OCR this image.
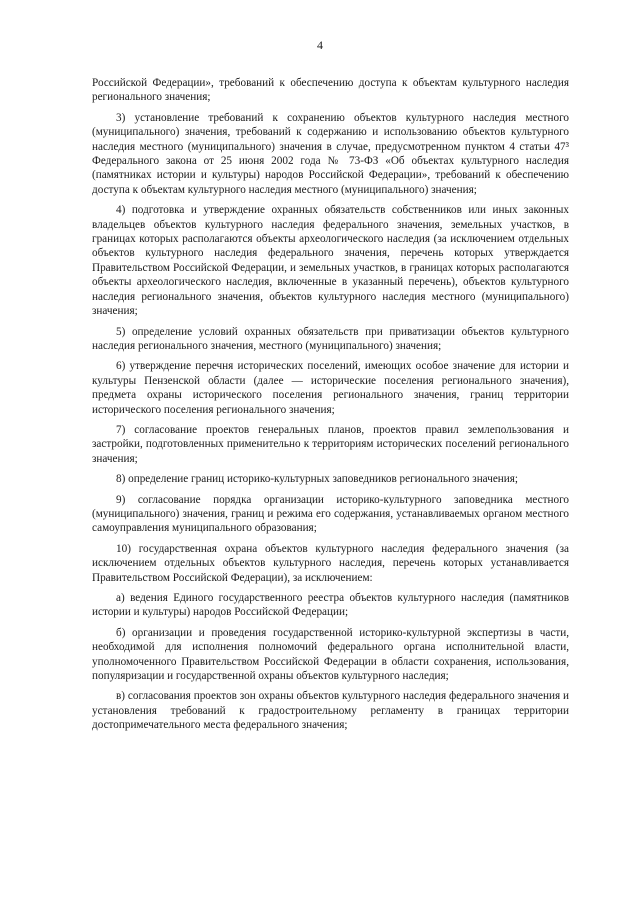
4

Российской Федерации», требований к обеспечению доступа к объектам культурного наследия регионального значения;

3) установление требований к сохранению объектов культурного наследия местного (муниципального) значения, требований к содержанию и использованию объектов культурного наследия местного (муниципального) значения в случае, предусмотренном пунктом 4 статьи 47³ Федерального закона от 25 июня 2002 года № 73-ФЗ «Об объектах культурного наследия (памятниках истории и культуры) народов Российской Федерации», требований к обеспечению доступа к объектам культурного наследия местного (муниципального) значения;

4) подготовка и утверждение охранных обязательств собственников или иных законных владельцев объектов культурного наследия федерального значения, земельных участков, в границах которых располагаются объекты археологического наследия (за исключением отдельных объектов культурного наследия федерального значения, перечень которых утверждается Правительством Российской Федерации, и земельных участков, в границах которых располагаются объекты археологического наследия, включенные в указанный перечень), объектов культурного наследия регионального значения, объектов культурного наследия местного (муниципального) значения;

5) определение условий охранных обязательств при приватизации объектов культурного наследия регионального значения, местного (муниципального) значения;

6) утверждение перечня исторических поселений, имеющих особое значение для истории и культуры Пензенской области (далее — исторические поселения регионального значения), предмета охраны исторического поселения регионального значения, границ территории исторического поселения регионального значения;

7) согласование проектов генеральных планов, проектов правил землепользования и застройки, подготовленных применительно к территориям исторических поселений регионального значения;

8) определение границ историко-культурных заповедников регионального значения;

9) согласование порядка организации историко-культурного заповедника местного (муниципального) значения, границ и режима его содержания, устанавливаемых органом местного самоуправления муниципального образования;

10) государственная охрана объектов культурного наследия федерального значения (за исключением отдельных объектов культурного наследия, перечень которых устанавливается Правительством Российской Федерации), за исключением:

а) ведения Единого государственного реестра объектов культурного наследия (памятников истории и культуры) народов Российской Федерации;

б) организации и проведения государственной историко-культурной экспертизы в части, необходимой для исполнения полномочий федерального органа исполнительной власти, уполномоченного Правительством Российской Федерации в области сохранения, использования, популяризации и государственной охраны объектов культурного наследия;

в) согласования проектов зон охраны объектов культурного наследия федерального значения и установления требований к градостроительному регламенту в границах территории достопримечательного места федерального значения;
